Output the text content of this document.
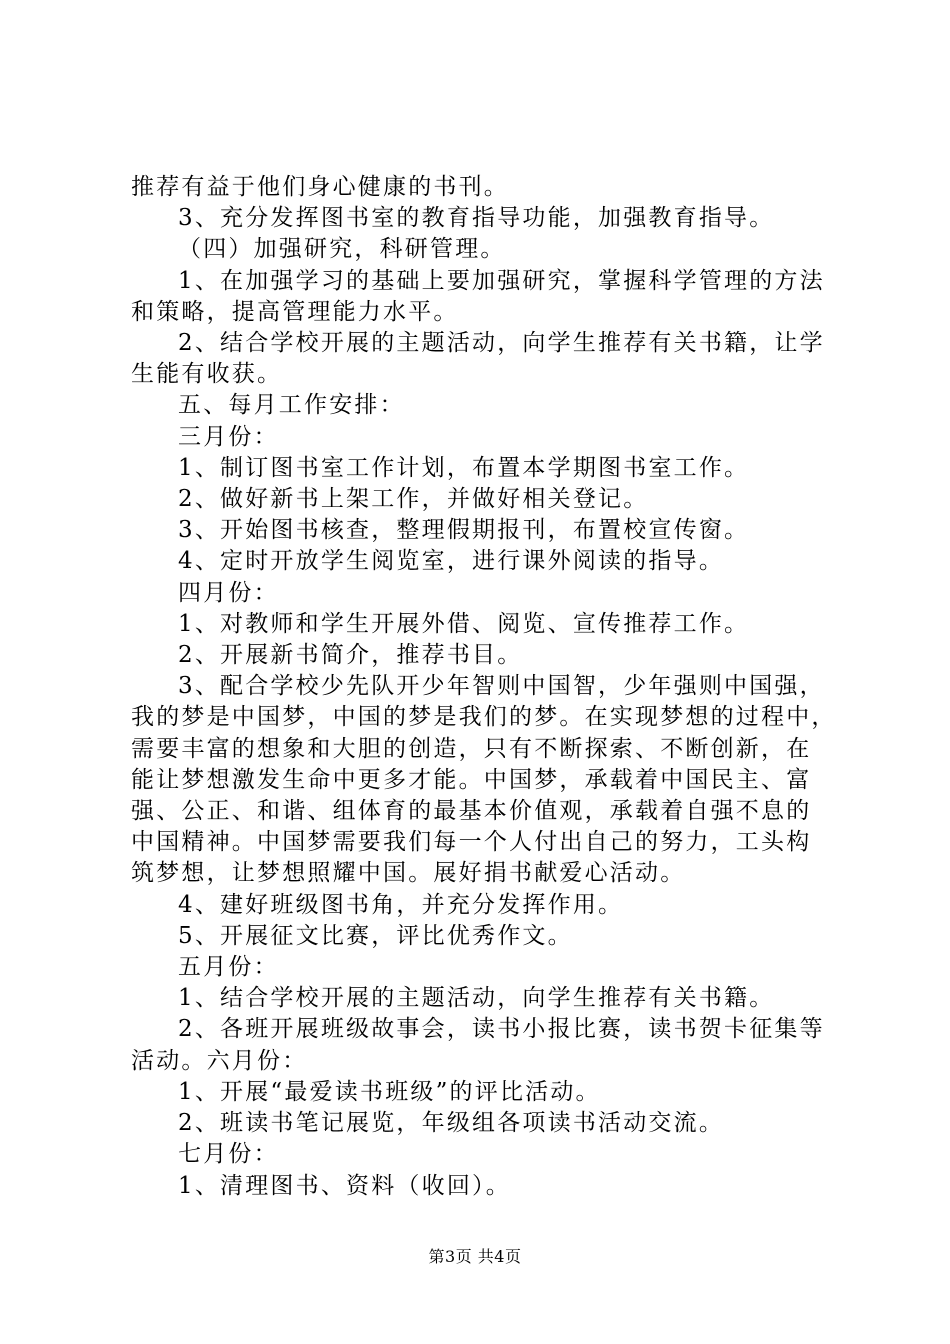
推荐有益于他们身心健康的书刊。

3、充分发挥图书室的教育指导功能，加强教育指导。

（四）加强研究，科研管理。

1、在加强学习的基础上要加强研究，掌握科学管理的方法

和策略，提高管理能力水平。

2、结合学校开展的主题活动，向学生推荐有关书籍，让学

生能有收获。

五、每月工作安排：

三月份：

1、制订图书室工作计划，布置本学期图书室工作。

2、做好新书上架工作，并做好相关登记。

3、开始图书核查，整理假期报刊，布置校宣传窗。

4、定时开放学生阅览室，进行课外阅读的指导。

四月份：

1、对教师和学生开展外借、阅览、宣传推荐工作。

2、开展新书简介，推荐书目。

3、配合学校少先队开少年智则中国智，少年强则中国强，

我的梦是中国梦，中国的梦是我们的梦。在实现梦想的过程中，

需要丰富的想象和大胆的创造，只有不断探索、不断创新，在

能让梦想激发生命中更多才能。中国梦，承载着中国民主、富

强、公正、和谐、组体育的最基本价值观，承载着自强不息的

中国精神。中国梦需要我们每一个人付出自己的努力，工头构

筑梦想，让梦想照耀中国。展好捐书献爱心活动。

4、建好班级图书角，并充分发挥作用。

5、开展征文比赛，评比优秀作文。

五月份：

1、结合学校开展的主题活动，向学生推荐有关书籍。

2、各班开展班级故事会，读书小报比赛，读书贺卡征集等

活动。六月份：

1、开展“最爱读书班级”的评比活动。

2、班读书笔记展览，年级组各项读书活动交流。

七月份：

1、清理图书、资料（收回）。

第3页 共4页
